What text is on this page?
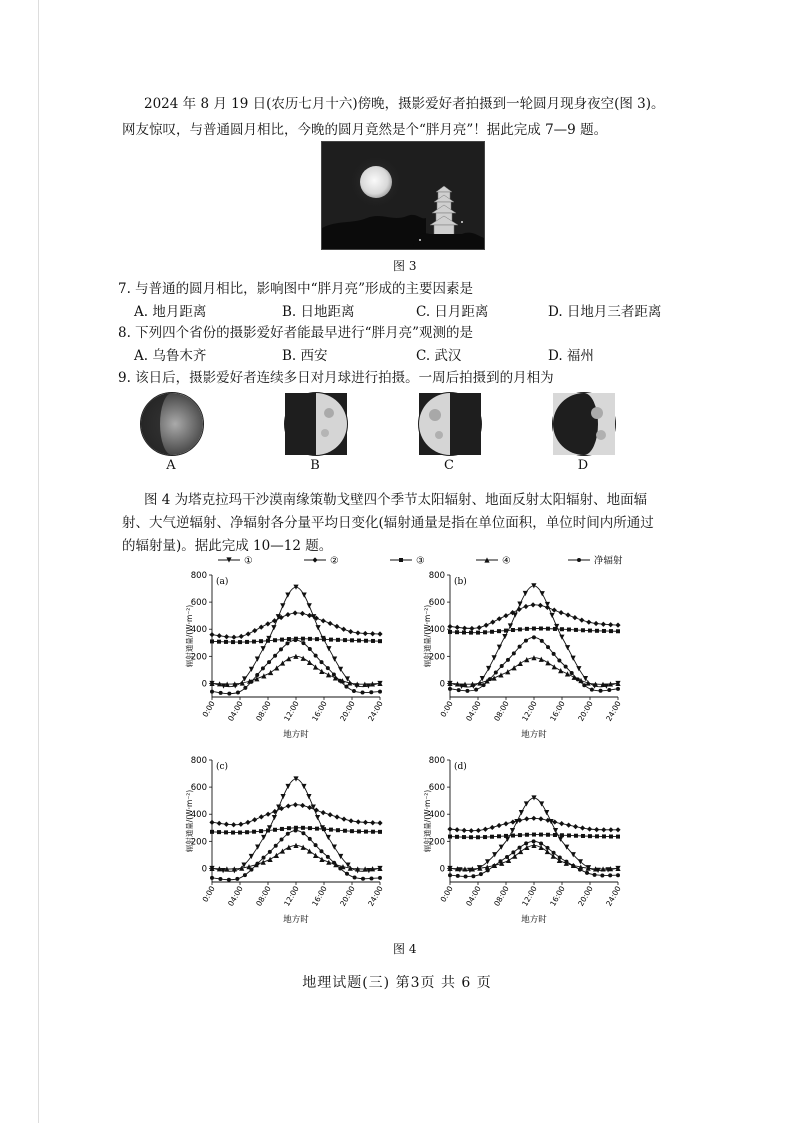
2024 年 8 月 19 日(农历七月十六)傍晚，摄影爱好者拍摄到一轮圆月现身夜空(图 3)。
网友惊叹，与普通圆月相比，今晚的圆月竟然是个“胖月亮”！据此完成 7—9 题。
图 3
7. 与普通的圆月相比，影响图中“胖月亮”形成的主要因素是
A. 地月距离	B. 日地距离	C. 日月距离	D. 日地月三者距离
8. 下列四个省份的摄影爱好者能最早进行“胖月亮”观测的是
A. 乌鲁木齐	B. 西安	C. 武汉	D. 福州
9. 该日后，摄影爱好者连续多日对月球进行拍摄。一周后拍摄到的月相为
A	B	C	D
图 4 为塔克拉玛干沙漠南缘策勒戈壁四个季节太阳辐射、地面反射太阳辐射、地面辐
射、大气逆辐射、净辐射各分量平均日变化(辐射通量是指在单位面积，单位时间内所通过
的辐射量)。据此完成 10—12 题。
①	②	③	④	净辐射
0
200
400
600
800
0:00 04:00 08:00 12:00 16:00 20:00 24:00
(a)
辐射通量/(W·m⁻²)
地方时
0
200
400
600
800
0:00 04:00 08:00 12:00 16:00 20:00 24:00
(b)
辐射通量/(W·m⁻²)
地方时
0
200
400
600
800
0:00 04:00 08:00 12:00 16:00 20:00 24:00
(c)
辐射通量/(W·m⁻²)
地方时
0
200
400
600
800
0:00 04:00 08:00 12:00 16:00 20:00 24:00
(d)
辐射通量/(W·m⁻²)
地方时
图 4
地理试题(三) 第3页 共 6 页
